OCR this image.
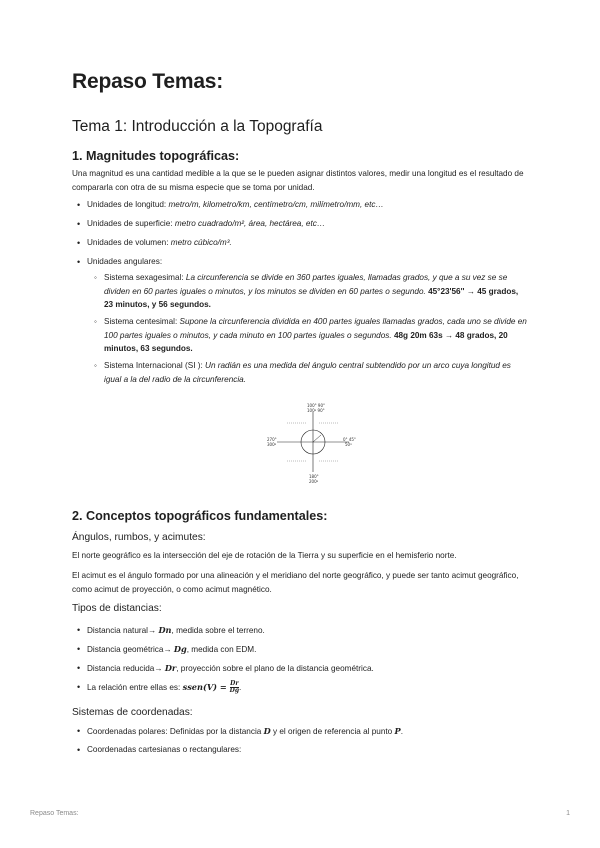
Repaso Temas:
Tema 1: Introducción a la Topografía
1. Magnitudes topográficas:

Una magnitud es una cantidad medible a la que se le pueden asignar distintos valores, medir una longitud es el resultado de compararla con otra de su misma especie que se toma por unidad.

• Unidades de longitud: metro/m, kilometro/km, centímetro/cm, milímetro/mm, etc…

• Unidades de superficie: metro cuadrado/m², área, hectárea, etc…

• Unidades de volumen: metro cúbico/m³.

• Unidades angulares:

◦ Sistema sexagesimal: La circunferencia se divide en 360 partes iguales, llamadas grados, y que a su vez se se dividen en 60 partes iguales o minutos, y los minutos se dividen en 60 partes o segundo. 45°23'56'' → 45 grados, 23 minutos, y 56 segundos.

◦ Sistema centesimal: Supone la circunferencia dividida en 400 partes iguales llamadas grados, cada uno se divide en 100 partes iguales o minutos, y cada minuto en 100 partes iguales o segundos. 48g 20m 63s → 48 grados, 20 minutos, 63 segundos.

◦ Sistema Internacional (SI ): Un radián es una medida del ángulo central subtendido por un arco cuya longitud es igual a la del radio de la circunferencia.

100° 90°
100ᵍ 90°
270°
300ᵍ
0° 45°
50ᵍ
180°
200ᵍ
2. Conceptos topográficos fundamentales:
Ángulos, rumbos, y acimutes:

El norte geográfico es la intersección del eje de rotación de la Tierra y su superficie en el hemisferio norte.

El acimut es el ángulo formado por una alineación y el meridiano del norte geográfico, y puede ser tanto acimut geográfico, como acimut de proyección, o como acimut magnético.

Tipos de distancias:

• Distancia natural→ Dn, medida sobre el terreno.

• Distancia geométrica→ Dg, medida con EDM.

• Distancia reducida→ Dr, proyección sobre el plano de la distancia geométrica.

• La relación entre ellas es: ssen(V) = $\frac{Dr}{Dg}$ .

Sistemas de coordenadas:

• Coordenadas polares: Definidas por la distancia D y el origen de referencia al punto P.

• Coordenadas cartesianas o rectangulares:

Repaso Temas:	1
